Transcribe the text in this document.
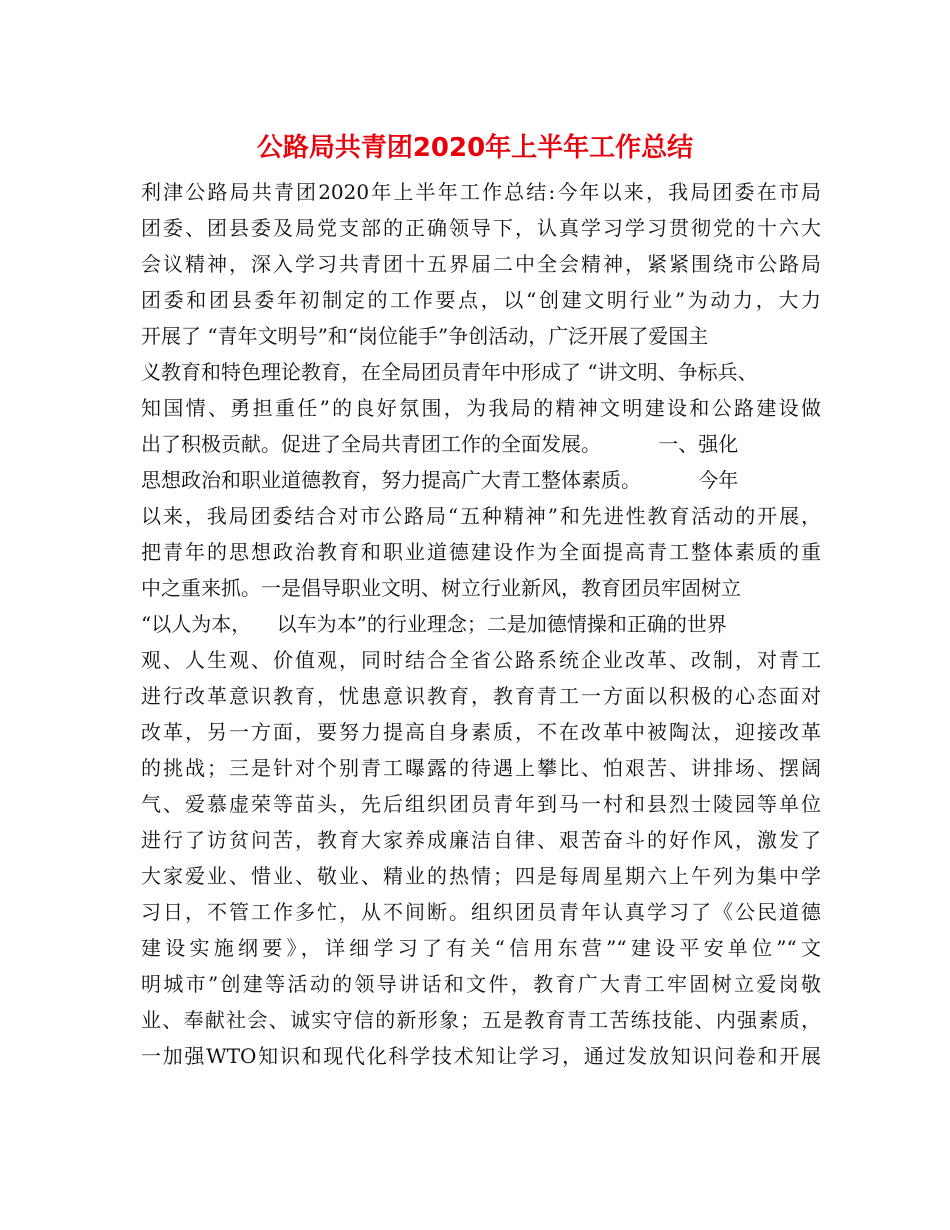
公路局共青团2020年上半年工作总结
利津公路局共青团2020年上半年工作总结:今年以来，我局团委在市局
团委、团县委及局党支部的正确领导下，认真学习学习贯彻党的十六大
会议精神，深入学习共青团十五界届二中全会精神，紧紧围绕市公路局
团委和团县委年初制定的工作要点，以“创建文明行业”为动力，大力
开展了 “青年文明号”和“岗位能手”争创活动，广泛开展了爱国主
义教育和特色理论教育，在全局团员青年中形成了 “讲文明、争标兵、
知国情、勇担重任”的良好氛围，为我局的精神文明建设和公路建设做
出了积极贡献。促进了全局共青团工作的全面发展。         一、强化
思想政治和职业道德教育，努力提高广大青工整体素质。         今年
以来，我局团委结合对市公路局“五种精神”和先进性教育活动的开展，
把青年的思想政治教育和职业道德建设作为全面提高青工整体素质的重
中之重来抓。一是倡导职业文明、树立行业新风，教育团员牢固树立
“以人为本，    以车为本”的行业理念；二是加德情操和正确的世界
观、人生观、价值观，同时结合全省公路系统企业改革、改制，对青工
进行改革意识教育，忧患意识教育，教育青工一方面以积极的心态面对
改革，另一方面，要努力提高自身素质，不在改革中被陶汰，迎接改革
的挑战；三是针对个别青工曝露的待遇上攀比、怕艰苦、讲排场、摆阔
气、爱慕虚荣等苗头，先后组织团员青年到马一村和县烈士陵园等单位
进行了访贫问苦，教育大家养成廉洁自律、艰苦奋斗的好作风，激发了
大家爱业、惜业、敬业、精业的热情；四是每周星期六上午列为集中学
习日，不管工作多忙，从不间断。组织团员青年认真学习了《公民道德
建设实施纲要》，详细学习了有关“信用东营”“建设平安单位”“文
明城市”创建等活动的领导讲话和文件，教育广大青工牢固树立爱岗敬
业、奉献社会、诚实守信的新形象；五是教育青工苦练技能、内强素质，
一加强WTO知识和现代化科学技术知让学习，通过发放知识问卷和开展
